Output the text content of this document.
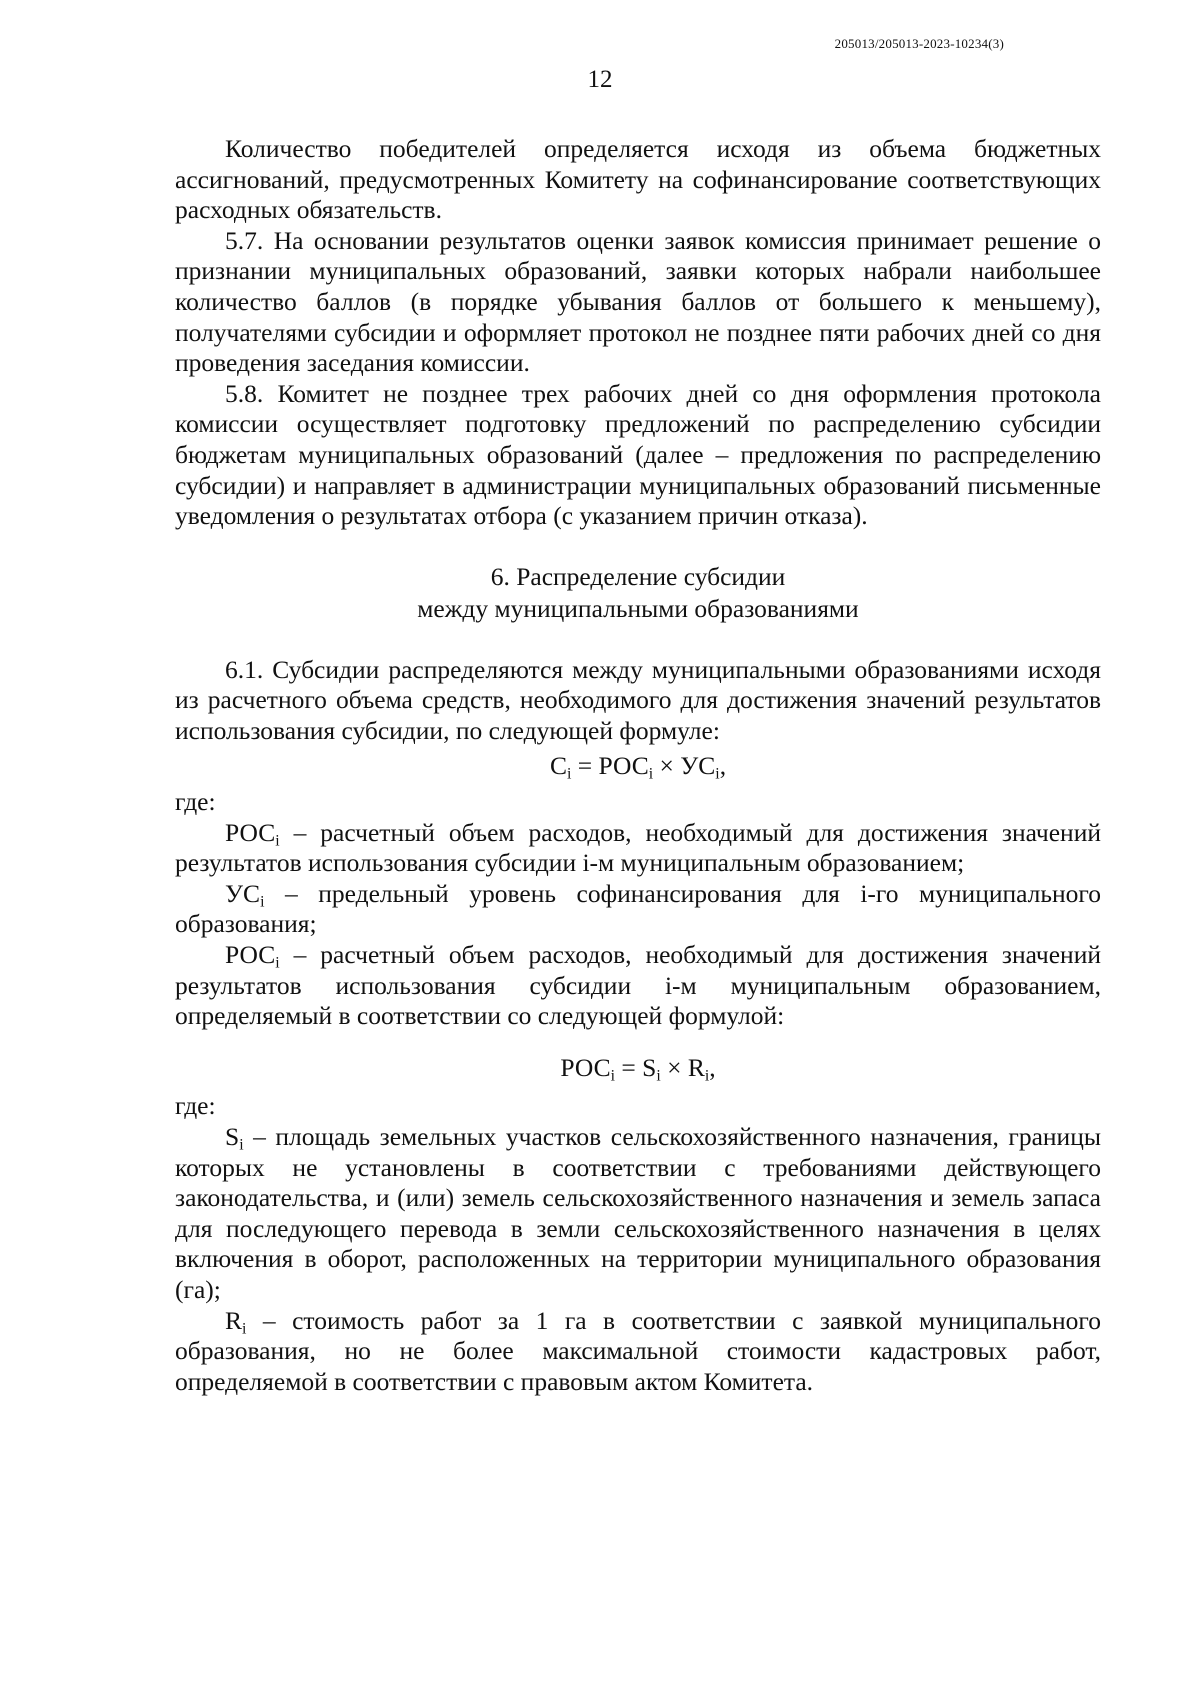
205013/205013-2023-10234(3)
12

Количество победителей определяется исходя из объема бюджетных ассигнований, предусмотренных Комитету на софинансирование соответствующих расходных обязательств.

5.7. На основании результатов оценки заявок комиссия принимает решение о признании муниципальных образований, заявки которых набрали наибольшее количество баллов (в порядке убывания баллов от большего к меньшему), получателями субсидии и оформляет протокол не позднее пяти рабочих дней со дня проведения заседания комиссии.

5.8. Комитет не позднее трех рабочих дней со дня оформления протокола комиссии осуществляет подготовку предложений по распределению субсидии бюджетам муниципальных образований (далее – предложения по распределению субсидии) и направляет в администрации муниципальных образований письменные уведомления о результатах отбора (с указанием причин отказа).

6. Распределение субсидии
между муниципальными образованиями

6.1. Субсидии распределяются между муниципальными образованиями исходя из расчетного объема средств, необходимого для достижения значений результатов использования субсидии, по следующей формуле:

$C_i = РОС_i \times УС_i$,

где:

$РОС_i$ – расчетный объем расходов, необходимый для достижения значений результатов использования субсидии i-м муниципальным образованием;

$УС_i$ – предельный уровень софинансирования для i-го муниципального образования;

$РОС_i$ – расчетный объем расходов, необходимый для достижения значений результатов использования субсидии i-м муниципальным образованием, определяемый в соответствии со следующей формулой:

$РОС_i = S_i \times R_i$,

где:

$S_i$ – площадь земельных участков сельскохозяйственного назначения, границы которых не установлены в соответствии с требованиями действующего законодательства, и (или) земель сельскохозяйственного назначения и земель запаса для последующего перевода в земли сельскохозяйственного назначения в целях включения в оборот, расположенных на территории муниципального образования (га);

$R_i$ – стоимость работ за 1 га в соответствии с заявкой муниципального образования, но не более максимальной стоимости кадастровых работ, определяемой в соответствии с правовым актом Комитета.
